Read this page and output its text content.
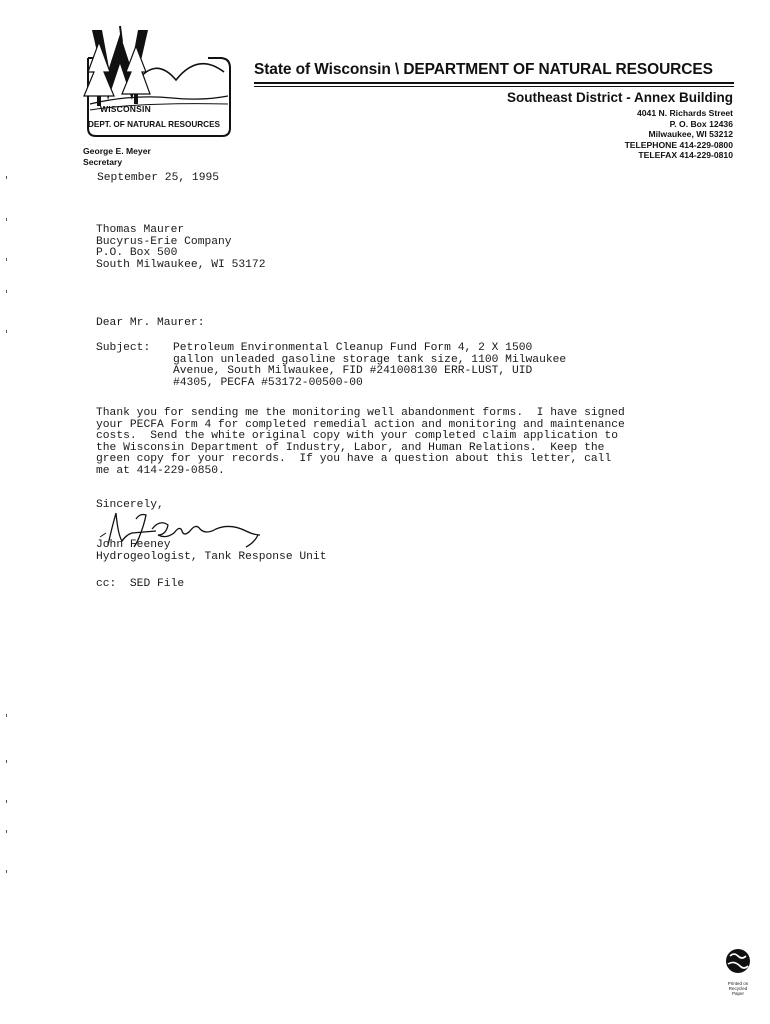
WISCONSIN
DEPT. OF NATURAL RESOURCES
State of Wisconsin \ DEPARTMENT OF NATURAL RESOURCES
Southeast District - Annex Building
4041 N. Richards Street
P. O. Box 12436
Milwaukee, WI 53212
TELEPHONE 414-229-0800
TELEFAX 414-229-0810
George E. Meyer
Secretary
September 25, 1995
Thomas Maurer
Bucyrus-Erie Company
P.O. Box 500
South Milwaukee, WI 53172
Dear Mr. Maurer:
Subject: Petroleum Environmental Cleanup Fund Form 4, 2 X 1500
gallon unleaded gasoline storage tank size, 1100 Milwaukee
Avenue, South Milwaukee, FID #241008130 ERR-LUST, UID
#4305, PECFA #53172-00500-00
Thank you for sending me the monitoring well abandonment forms.  I have signed
your PECFA Form 4 for completed remedial action and monitoring and maintenance
costs.  Send the white original copy with your completed claim application to
the Wisconsin Department of Industry, Labor, and Human Relations.  Keep the
green copy for your records.  If you have a question about this letter, call
me at 414-229-0850.
Sincerely,
John Feeney
Hydrogeologist, Tank Response Unit
cc:  SED File
Printed on
Recycled
Paper
